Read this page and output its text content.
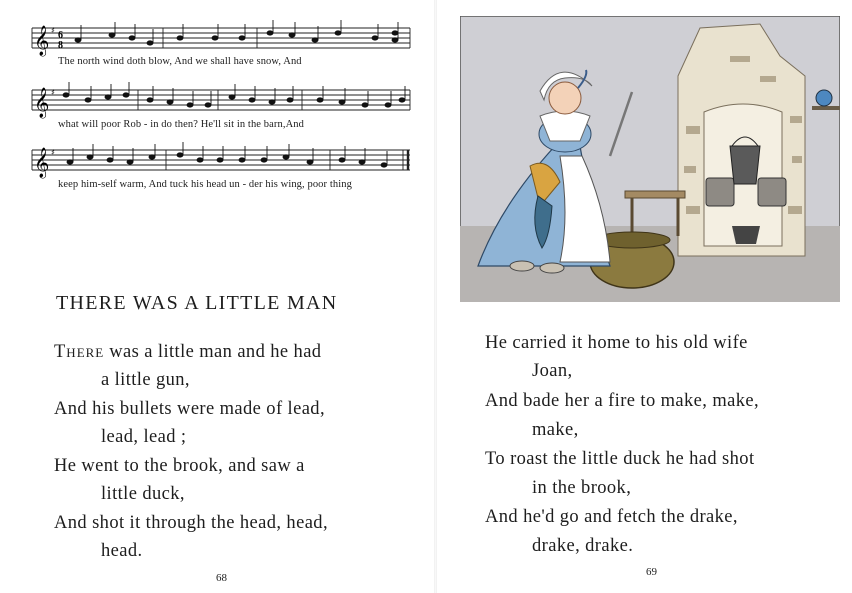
𝄞 ♯ 6
8
The north wind doth blow, And we shall have snow, And
𝄞 ♯
what will poor Rob - in do then? He'll sit in the barn,And
𝄞 ♯
keep him-self warm, And tuck his head un - der his wing, poor thing
THERE WAS A LITTLE MAN
There was a little man and he had
a little gun,
And his bullets were made of lead,
lead, lead ;
He went to the brook, and saw a
little duck,
And shot it through the head, head,
head.
68
He carried it home to his old wife
Joan,
And bade her a fire to make, make,
make,
To roast the little duck he had shot
in the brook,
And he'd go and fetch the drake,
drake, drake.
69
